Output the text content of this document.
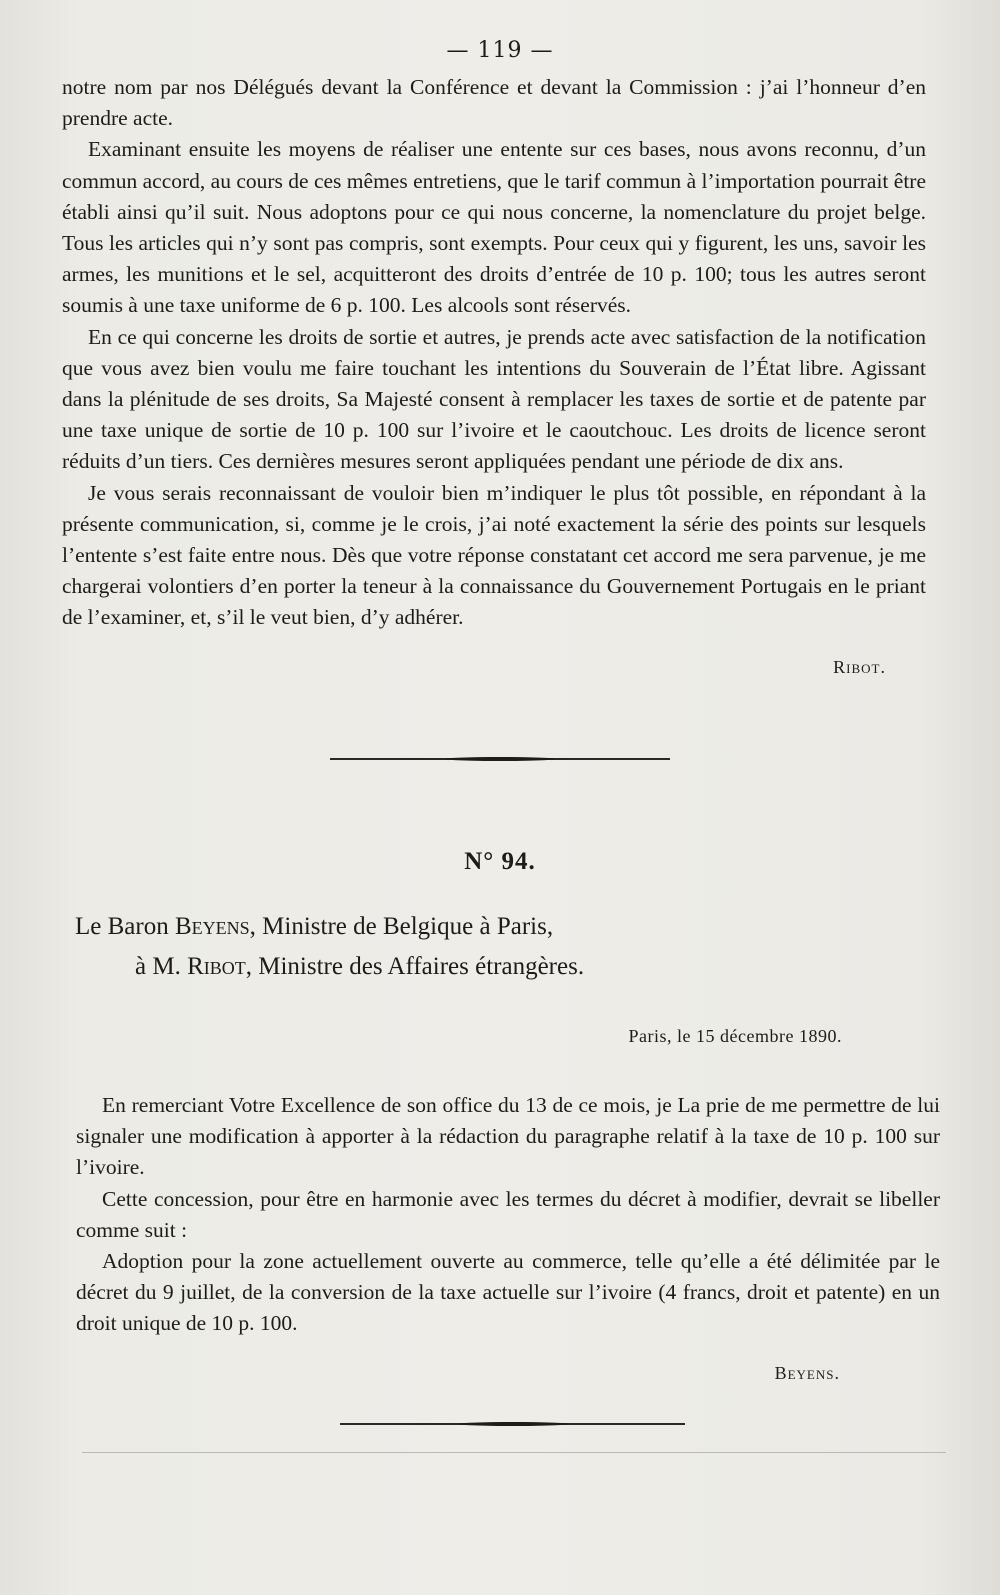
— 119 —

notre nom par nos Délégués devant la Conférence et devant la Commission : j’ai l’honneur d’en prendre acte.

Examinant ensuite les moyens de réaliser une entente sur ces bases, nous avons reconnu, d’un commun accord, au cours de ces mêmes entretiens, que le tarif commun à l’importation pourrait être établi ainsi qu’il suit. Nous adoptons pour ce qui nous concerne, la nomenclature du projet belge. Tous les articles qui n’y sont pas compris, sont exempts. Pour ceux qui y figurent, les uns, savoir les armes, les munitions et le sel, acquitteront des droits d’entrée de 10 p. 100; tous les autres seront soumis à une taxe uniforme de 6 p. 100. Les alcools sont réservés.

En ce qui concerne les droits de sortie et autres, je prends acte avec satisfaction de la notification que vous avez bien voulu me faire touchant les intentions du Souverain de l’État libre. Agissant dans la plénitude de ses droits, Sa Majesté consent à remplacer les taxes de sortie et de patente par une taxe unique de sortie de 10 p. 100 sur l’ivoire et le caoutchouc. Les droits de licence seront réduits d’un tiers. Ces dernières mesures seront appliquées pendant une période de dix ans.

Je vous serais reconnaissant de vouloir bien m’indiquer le plus tôt possible, en répondant à la présente communication, si, comme je le crois, j’ai noté exactement la série des points sur lesquels l’entente s’est faite entre nous. Dès que votre réponse constatant cet accord me sera parvenue, je me chargerai volontiers d’en porter la teneur à la connaissance du Gouvernement Portugais en le priant de l’examiner, et, s’il le veut bien, d’y adhérer.

Ribot.

N° 94.
Le Baron Beyens, Ministre de Belgique à Paris,
à M. Ribot, Ministre des Affaires étrangères.
Paris, le 15 décembre 1890.

En remerciant Votre Excellence de son office du 13 de ce mois, je La prie de me permettre de lui signaler une modification à apporter à la rédaction du paragraphe relatif à la taxe de 10 p. 100 sur l’ivoire.

Cette concession, pour être en harmonie avec les termes du décret à modifier, devrait se libeller comme suit :

Adoption pour la zone actuellement ouverte au commerce, telle qu’elle a été délimitée par le décret du 9 juillet, de la conversion de la taxe actuelle sur l’ivoire (4 francs, droit et patente) en un droit unique de 10 p. 100.

Beyens.
